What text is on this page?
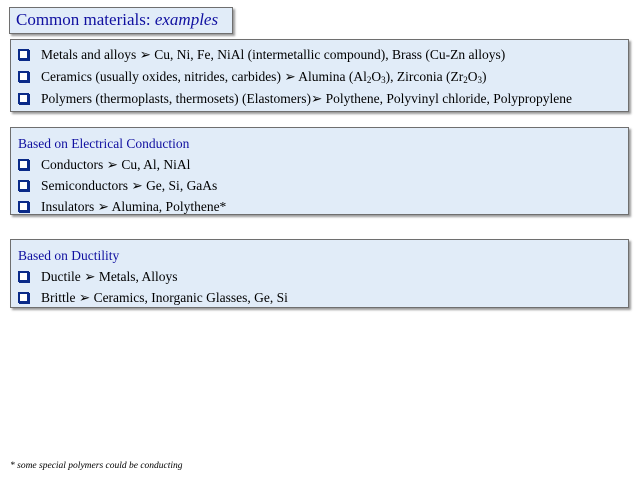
Common materials: examples
Metals and alloys ➢ Cu, Ni, Fe, NiAl (intermetallic compound), Brass (Cu-Zn alloys)
Ceramics (usually oxides, nitrides, carbides) ➢ Alumina $(Al_2O_3)$, Zirconia $(Zr_2O_3)$
Polymers (thermoplasts, thermosets) (Elastomers)➢ Polythene, Polyvinyl chloride, Polypropylene
Based on Electrical Conduction
Conductors ➢ Cu, Al, NiAl
Semiconductors ➢ Ge, Si, GaAs
Insulators ➢ Alumina, Polythene*
Based on Ductility
Ductile ➢ Metals, Alloys
Brittle ➢ Ceramics, Inorganic Glasses, Ge, Si
* some special polymers could be conducting
